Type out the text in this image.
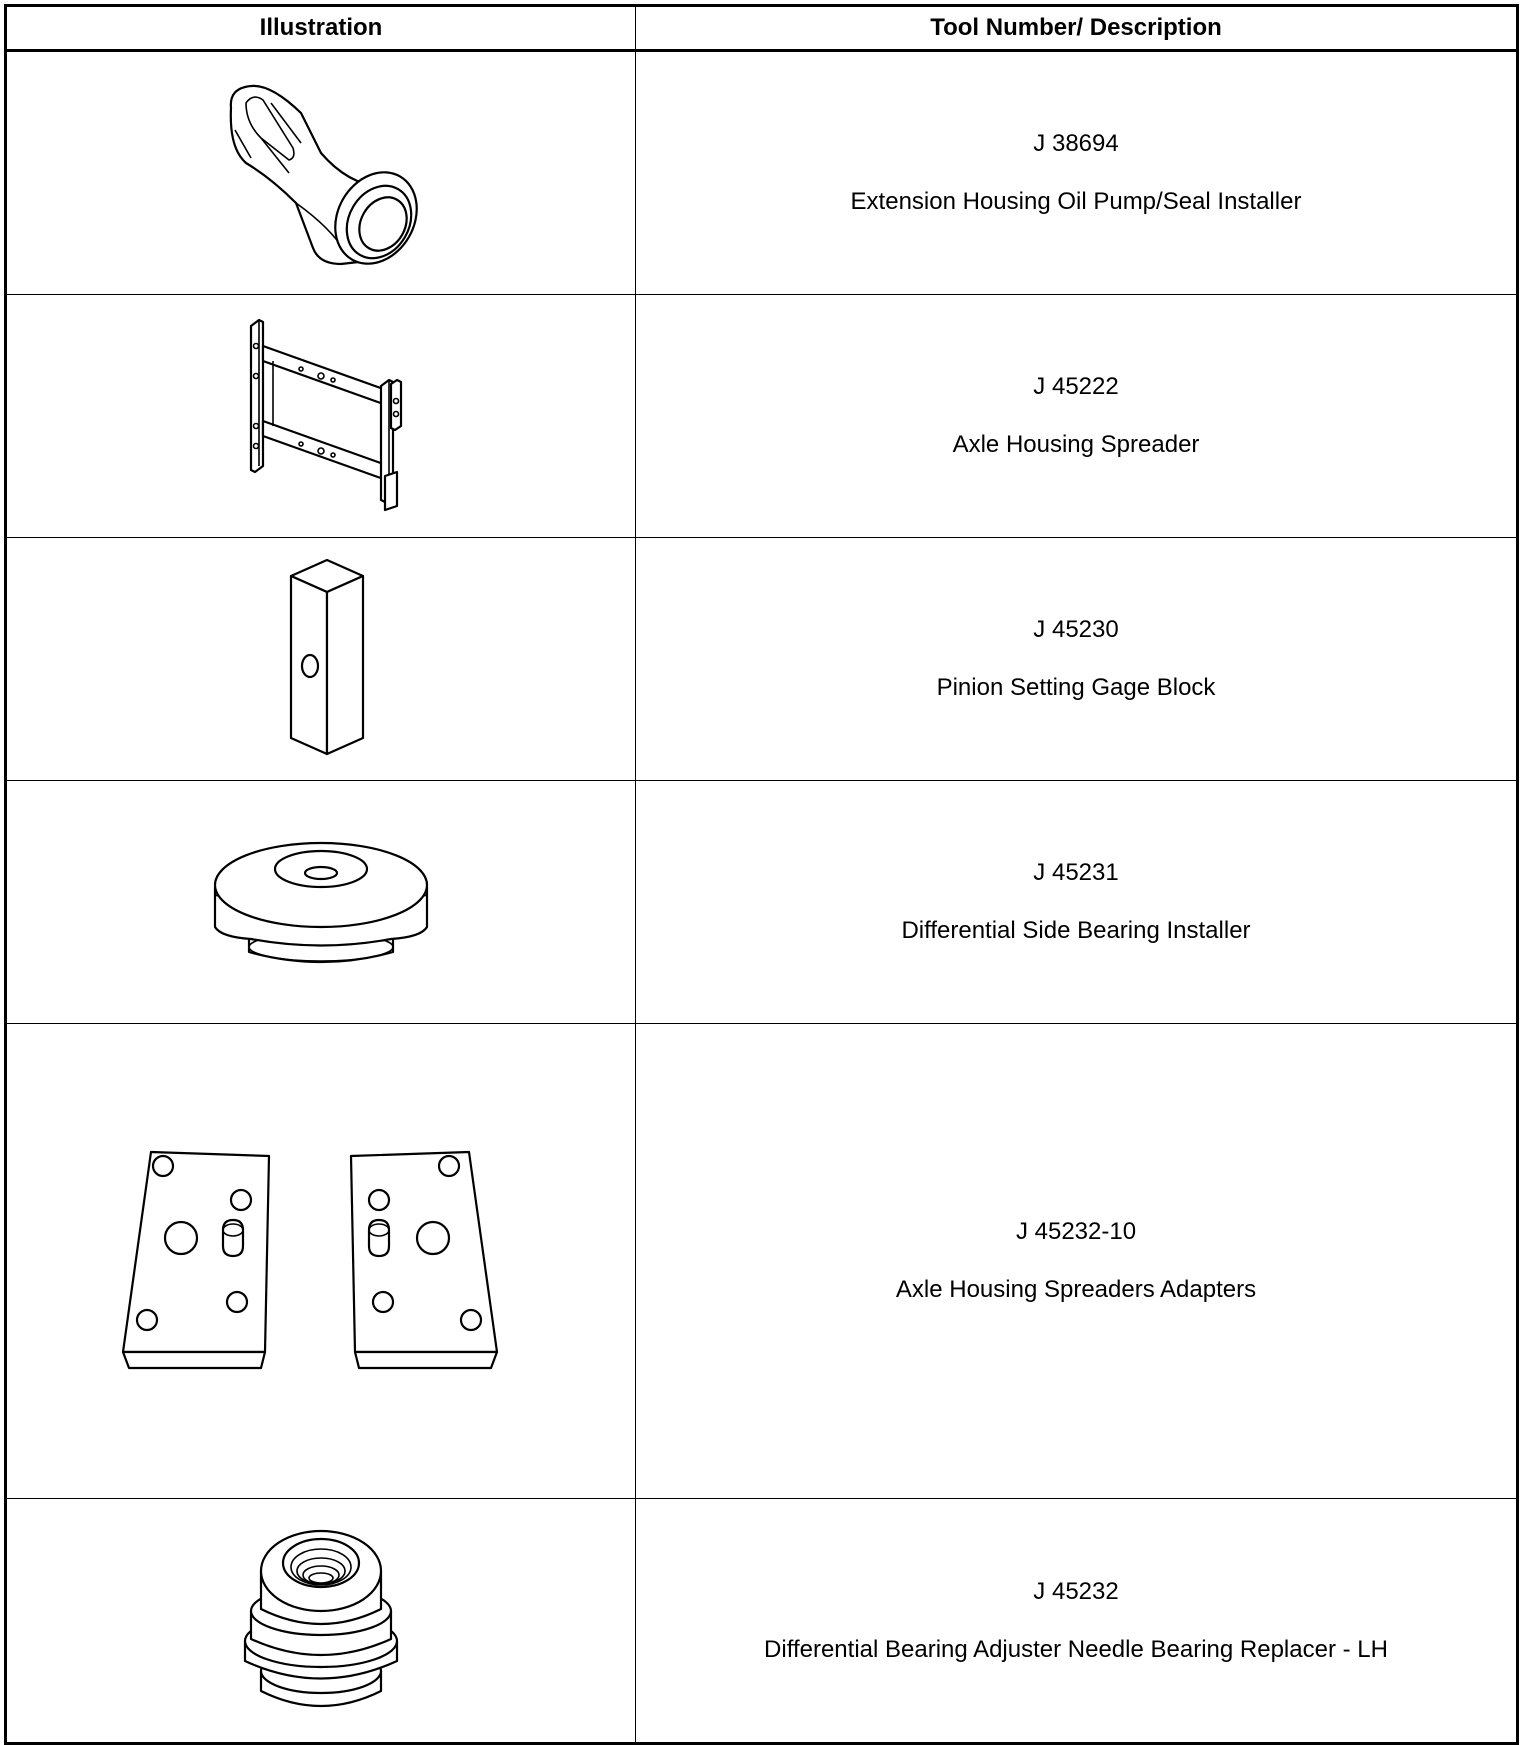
Illustration	Tool Number/ Description

J 38694
Extension Housing Oil Pump/Seal Installer

J 45222
Axle Housing Spreader

J 45230
Pinion Setting Gage Block

J 45231
Differential Side Bearing Installer

J 45232-10
Axle Housing Spreaders Adapters

J 45232
Differential Bearing Adjuster Needle Bearing Replacer - LH
